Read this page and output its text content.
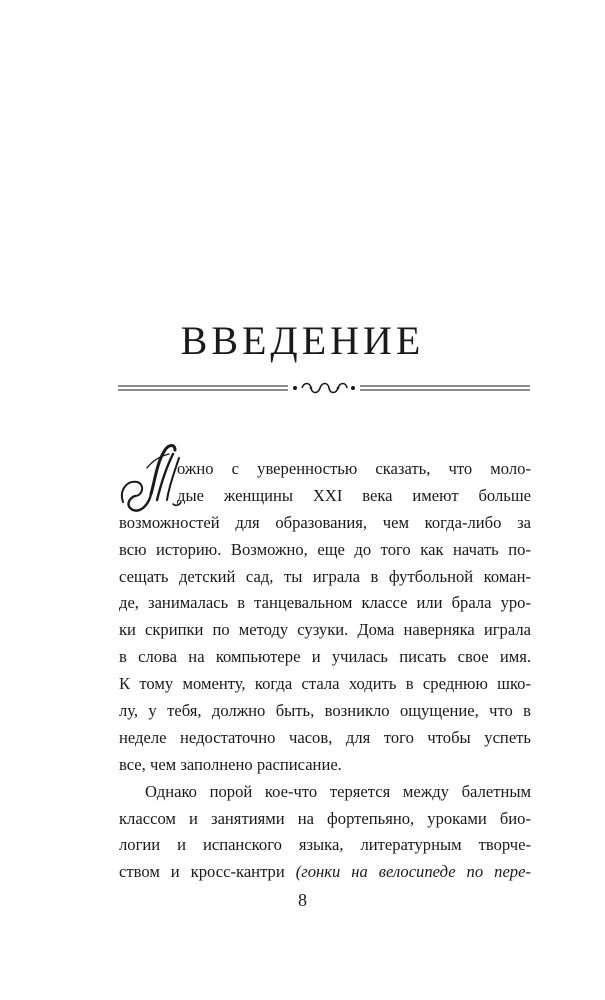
ВВЕДЕНИЕ
ожно с уверенностью сказать, что моло-
дые женщины XXI века имеют больше
возможностей для образования, чем когда-либо за
всю историю. Возможно, еще до того как начать по-
сещать детский сад, ты играла в футбольной коман-
де, занималась в танцевальном классе или брала уро-
ки скрипки по методу сузуки. Дома наверняка играла
в слова на компьютере и училась писать свое имя.
К тому моменту, когда стала ходить в среднюю шко-
лу, у тебя, должно быть, возникло ощущение, что в
неделе недостаточно часов, для того чтобы успеть
все, чем заполнено расписание.
Однако порой кое-что теряется между балетным
классом и занятиями на фортепьяно, уроками био-
логии и испанского языка, литературным творче-
ством и кросс-кантри (гонки на велосипеде по пере-
8
